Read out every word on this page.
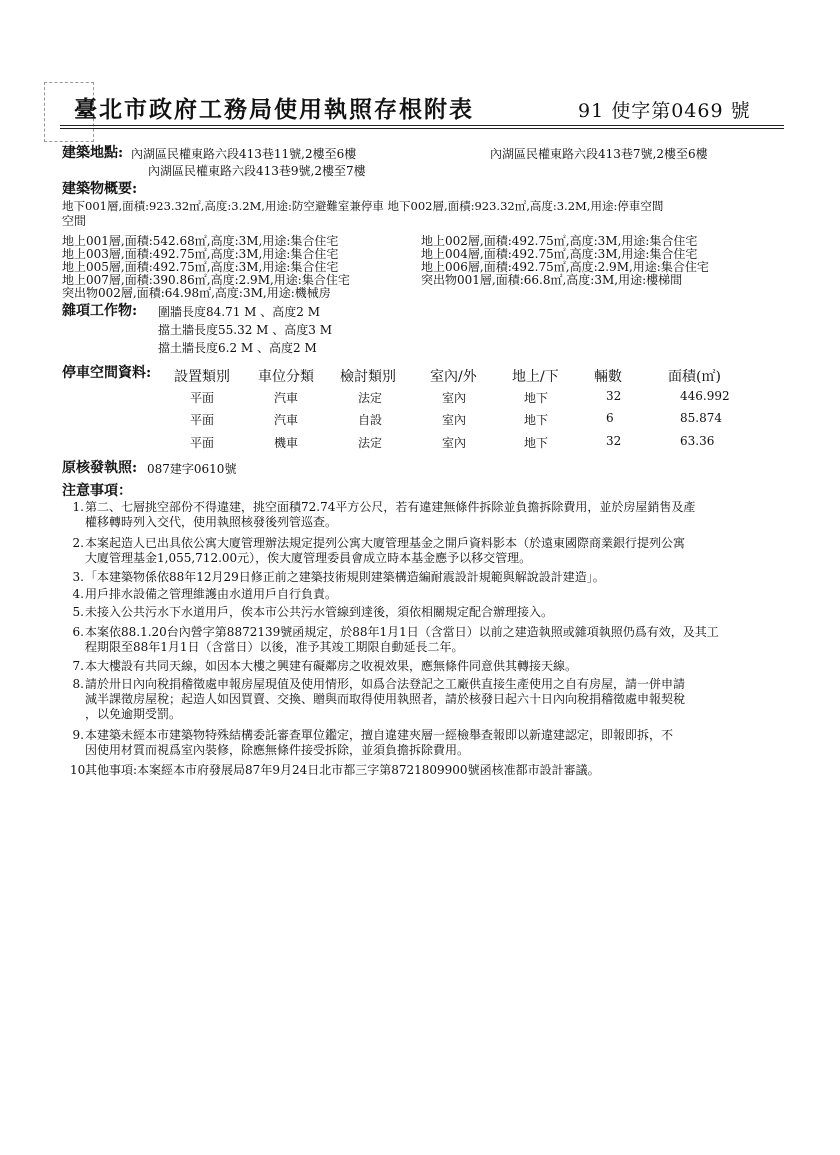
臺北市政府工務局使用執照存根附表	91 使字第0469 號
建築地點: 內湖區民權東路六段413巷11號,2樓至6樓	內湖區民權東路六段413巷7號,2樓至6樓
內湖區民權東路六段413巷9號,2樓至7樓
建築物概要:
地下001層,面積:923.32㎡,高度:3.2M,用途:防空避難室兼停車 地下002層,面積:923.32㎡,高度:3.2M,用途:停車空間
空間
地上001層,面積:542.68㎡,高度:3M,用途:集合住宅
地上003層,面積:492.75㎡,高度:3M,用途:集合住宅
地上005層,面積:492.75㎡,高度:3M,用途:集合住宅
地上007層,面積:390.86㎡,高度:2.9M,用途:集合住宅
突出物002層,面積:64.98㎡,高度:3M,用途:機械房
地上002層,面積:492.75㎡,高度:3M,用途:集合住宅
地上004層,面積:492.75㎡,高度:3M,用途:集合住宅
地上006層,面積:492.75㎡,高度:2.9M,用途:集合住宅
突出物001層,面積:66.8㎡,高度:3M,用途:樓梯間
雜項工作物: 圍牆長度84.71 M 、高度2 M
擋土牆長度55.32 M 、高度3 M
擋土牆長度6.2 M 、高度2 M
停車空間資料: 設置類別 車位分類 檢討類別 室內/外	地上/下	輛數	面積(㎡)
平面	汽車	法定	室內	地下	32	446.992
平面	汽車	自設	室內	地下	6	85.874
平面	機車	法定	室內	地下	32	63.36
原核發執照: 087建字0610號
注意事項：
1. 第二、七層挑空部份不得違建，挑空面積72.74平方公尺，若有違建無條件拆除並負擔拆除費用，並於房屋銷售及產
權移轉時列入交代，使用執照核發後列管巡查。
2. 本案起造人已出具依公寓大廈管理辦法規定提列公寓大廈管理基金之開戶資料影本（於遠東國際商業銀行提列公寓
大廈管理基金1,055,712.00元），俟大廈管理委員會成立時本基金應予以移交管理。
3. 「本建築物係依88年12月29日修正前之建築技術規則建築構造編耐震設計規範與解說設計建造」。
4. 用戶排水設備之管理維護由水道用戶自行負責。
5. 未接入公共污水下水道用戶，俟本市公共污水管線到達後，須依相關規定配合辦理接入。
6. 本案依88.1.20台內營字第8872139號函規定，於88年1月1日（含當日）以前之建造執照或雜項執照仍爲有效，及其工
程期限至88年1月1日（含當日）以後，准予其竣工期限自動延長二年。
7. 本大樓設有共同天線，如因本大樓之興建有礙鄰房之收視效果，應無條件同意供其轉接天線。
8. 請於卅日內向稅捐稽徵處申報房屋現值及使用情形，如爲合法登記之工廠供直接生產使用之自有房屋，請一併申請
減半課徵房屋稅；起造人如因買賣、交換、贈與而取得使用執照者，請於核發日起六十日內向稅捐稽徵處申報契稅
，以免逾期受罰。
9. 本建築未經本市建築物特殊結構委託審查單位鑑定，擅自違建夾層一經檢舉查報即以新違建認定，即報即拆，不
因使用材質而視爲室內裝修，除應無條件接受拆除，並須負擔拆除費用。
10.
其他事項:本案經本市府發展局87年9月24日北市都三字第8721809900號函核准都市設計審議。
